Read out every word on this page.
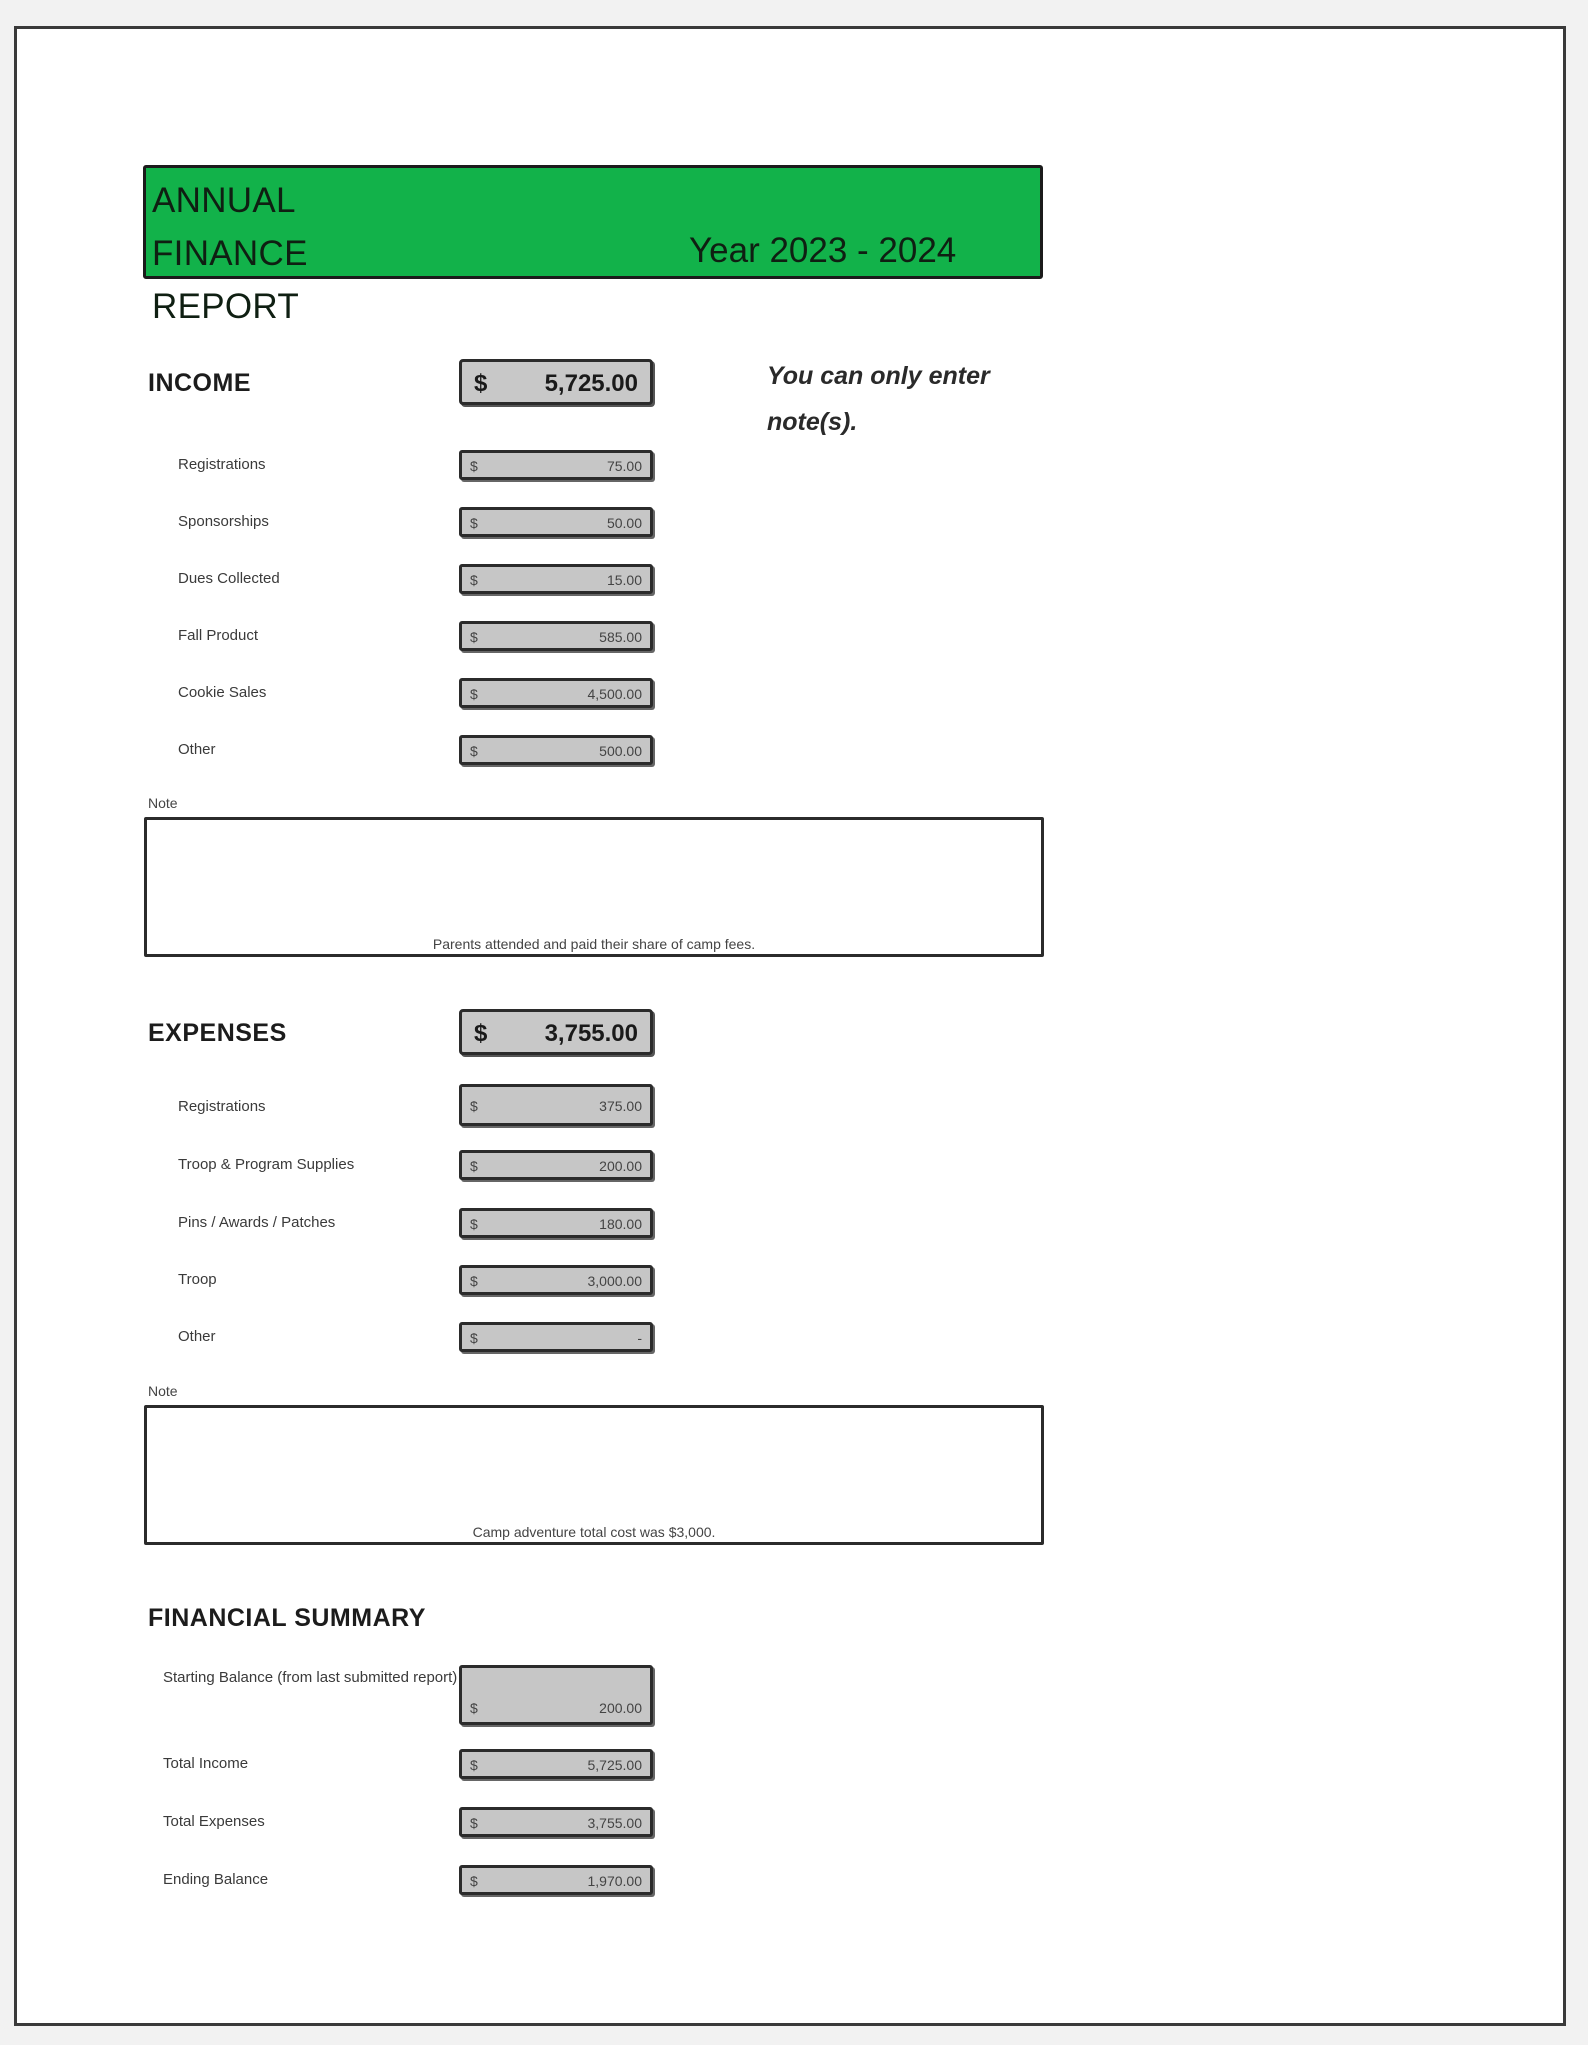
ANNUAL FINANCE REPORT
Year 2023 - 2024
INCOME	$ 5,725.00	You can only enter note(s).
Registrations	$	75.00
Sponsorships	$	50.00
Dues Collected	$	15.00
Fall Product	$	585.00
Cookie Sales	$	4,500.00
Other	$	500.00
Note
Parents attended and paid their share of camp fees.
EXPENSES	$ 3,755.00
Registrations	$	375.00
Troop & Program Supplies	$	200.00
Pins / Awards / Patches	$	180.00
Troop	$	3,000.00
Other	$	-
Note
Camp adventure total cost was $3,000.
FINANCIAL SUMMARY
Starting Balance (from last submitted report)
$	200.00
Total Income	$	5,725.00
Total Expenses	$	3,755.00
Ending Balance	$	1,970.00
